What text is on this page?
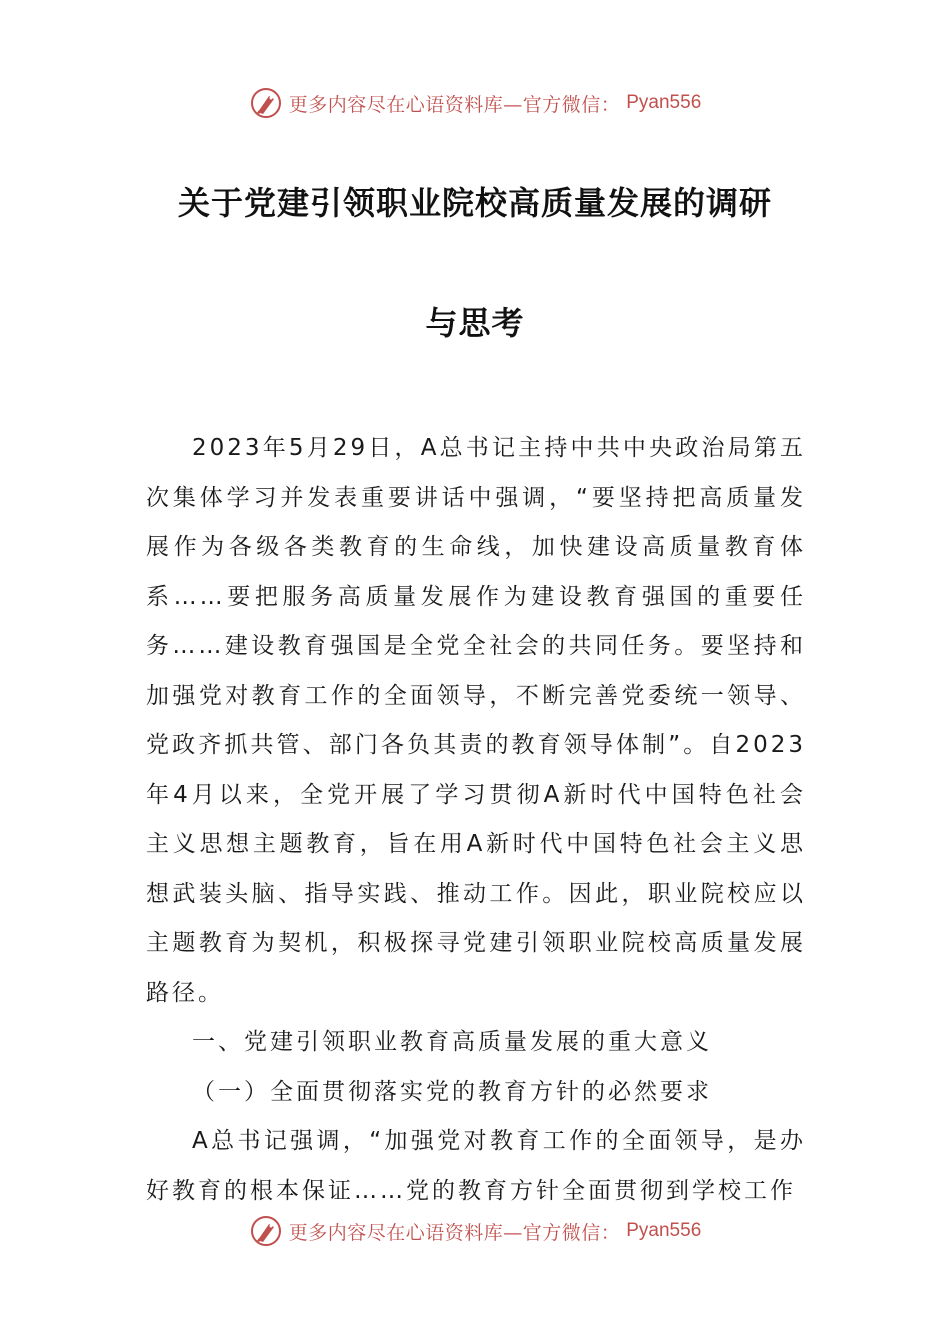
更多内容尽在心语资料库—官方微信： Pyan556
关于党建引领职业院校高质量发展的调研
与思考

2023年5月29日，A总书记主持中共中央政治局第五次集体学习并发表重要讲话中强调，“要坚持把高质量发展作为各级各类教育的生命线，加快建设高质量教育体系……要把服务高质量发展作为建设教育强国的重要任务……建设教育强国是全党全社会的共同任务。要坚持和加强党对教育工作的全面领导，不断完善党委统一领导、党政齐抓共管、部门各负其责的教育领导体制”。自2023年4月以来，全党开展了学习贯彻A新时代中国特色社会主义思想主题教育，旨在用A新时代中国特色社会主义思想武装头脑、指导实践、推动工作。因此，职业院校应以主题教育为契机，积极探寻党建引领职业院校高质量发展路径。

一、党建引领职业教育高质量发展的重大意义

（一）全面贯彻落实党的教育方针的必然要求

A总书记强调，“加强党对教育工作的全面领导，是办好教育的根本保证……党的教育方针全面贯彻到学校工作

更多内容尽在心语资料库—官方微信： Pyan556
